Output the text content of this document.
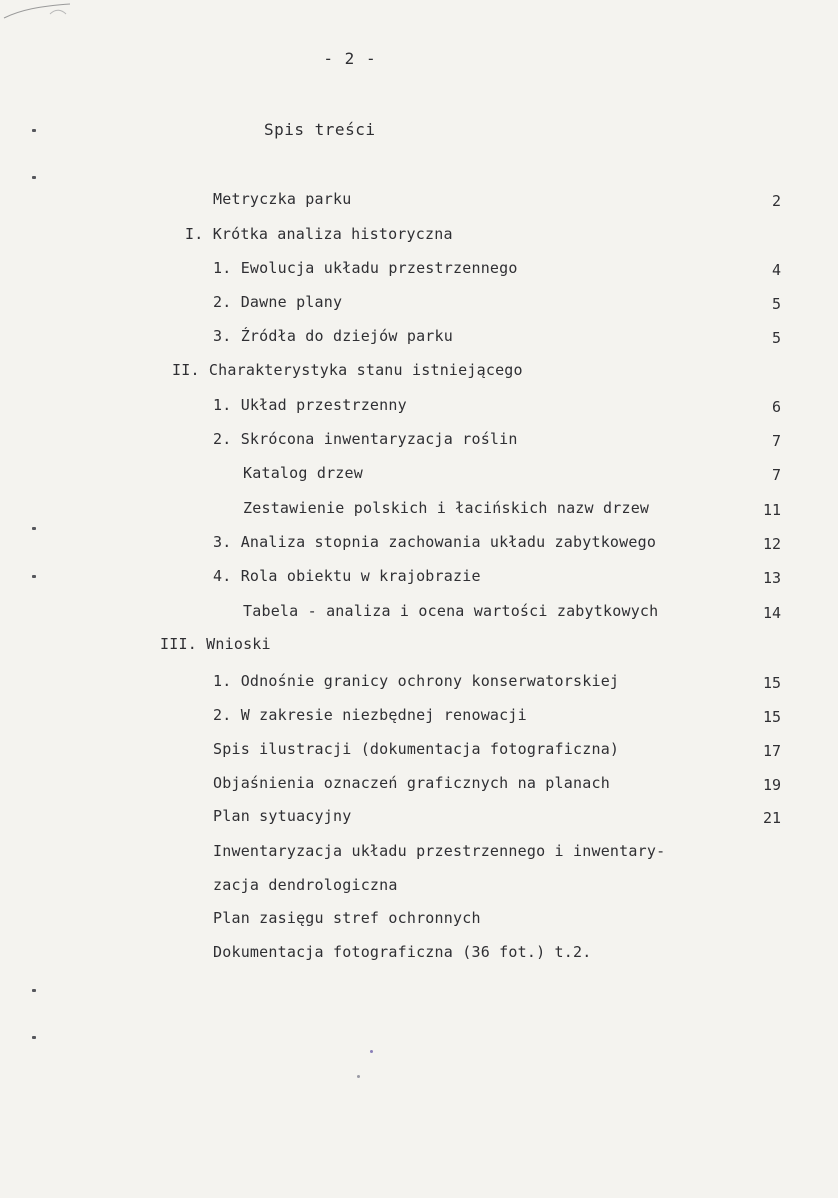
- 2 -
Spis treści
Metryczka parku	2
I. Krótka analiza historyczna
1. Ewolucja układu przestrzennego	4
2. Dawne plany	5
3. Źródła do dziejów parku	5
II. Charakterystyka stanu istniejącego
1. Układ przestrzenny	6
2. Skrócona inwentaryzacja roślin	7
Katalog drzew	7
Zestawienie polskich i łacińskich nazw drzew	11
3. Analiza stopnia zachowania układu zabytkowego	12
4. Rola obiektu w krajobrazie	13
Tabela - analiza i ocena wartości zabytkowych	14
III. Wnioski
1. Odnośnie granicy ochrony konserwatorskiej	15
2. W zakresie niezbędnej renowacji	15
Spis ilustracji (dokumentacja fotograficzna)	17
Objaśnienia oznaczeń graficznych na planach	19
Plan sytuacyjny	21
Inwentaryzacja układu przestrzennego i inwentary-
zacja dendrologiczna
Plan zasięgu stref ochronnych
Dokumentacja fotograficzna (36 fot.) t.2.
